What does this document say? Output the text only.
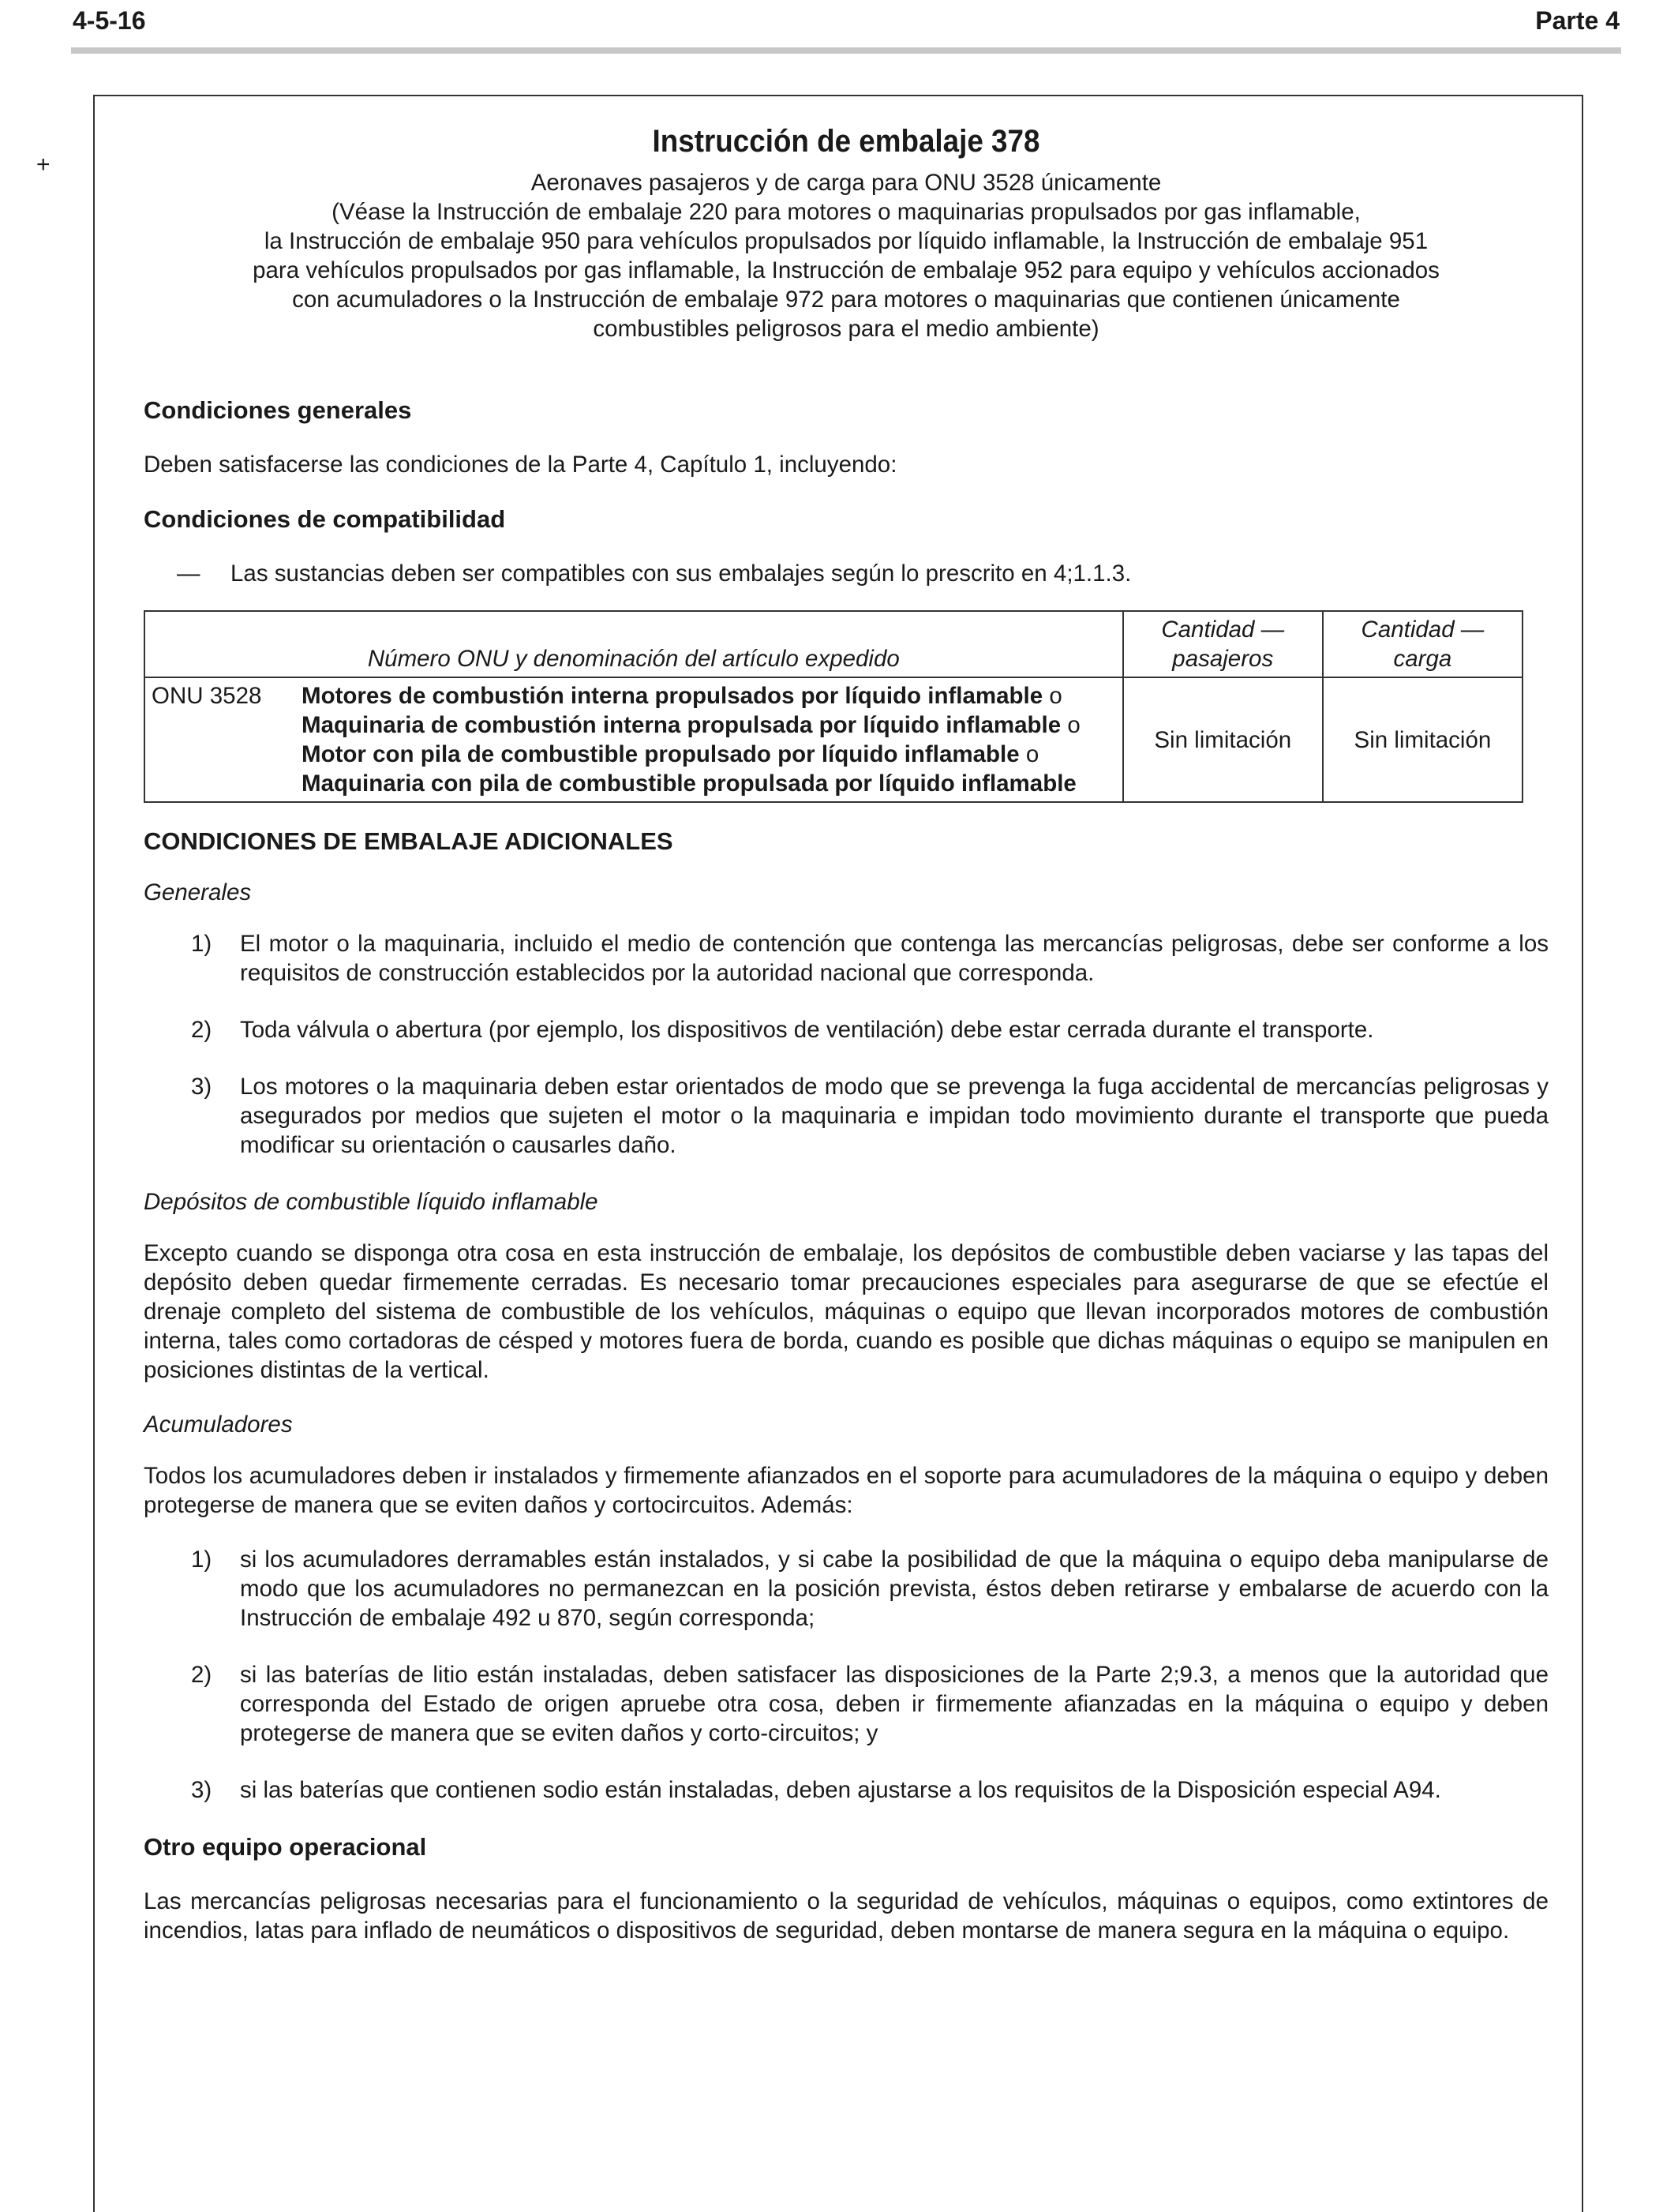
4-5-16	Parte 4
+
Instrucción de embalaje 378
Aeronaves pasajeros y de carga para ONU 3528 únicamente
(Véase la Instrucción de embalaje 220 para motores o maquinarias propulsados por gas inflamable,
la Instrucción de embalaje 950 para vehículos propulsados por líquido inflamable, la Instrucción de embalaje 951
para vehículos propulsados por gas inflamable, la Instrucción de embalaje 952 para equipo y vehículos accionados
con acumuladores o la Instrucción de embalaje 972 para motores o maquinarias que contienen únicamente
combustibles peligrosos para el medio ambiente)
Condiciones generales

Deben satisfacerse las condiciones de la Parte 4, Capítulo 1, incluyendo:

Condiciones de compatibilidad
— Las sustancias deben ser compatibles con sus embalajes según lo prescrito en 4;1.1.3.
Número ONU y denominación del artículo expedido	Cantidad — pasajeros	Cantidad — carga

ONU 3528 Motores de combustión interna propulsados por líquido inflamable o Maquinaria de combustión interna propulsada por líquido inflamable o Motor con pila de combustible propulsado por líquido inflamable o Maquinaria con pila de combustible propulsada por líquido inflamable	Sin limitación	Sin limitación
CONDICIONES DE EMBALAJE ADICIONALES
Generales
1) El motor o la maquinaria, incluido el medio de contención que contenga las mercancías peligrosas, debe ser conforme a los requisitos de construcción establecidos por la autoridad nacional que corresponda.
2) Toda válvula o abertura (por ejemplo, los dispositivos de ventilación) debe estar cerrada durante el transporte.
3) Los motores o la maquinaria deben estar orientados de modo que se prevenga la fuga accidental de mercancías peligrosas y asegurados por medios que sujeten el motor o la maquinaria e impidan todo movimiento durante el transporte que pueda modificar su orientación o causarles daño.
Depósitos de combustible líquido inflamable

Excepto cuando se disponga otra cosa en esta instrucción de embalaje, los depósitos de combustible deben vaciarse y las tapas del depósito deben quedar firmemente cerradas. Es necesario tomar precauciones especiales para asegurarse de que se efectúe el drenaje completo del sistema de combustible de los vehículos, máquinas o equipo que llevan incorporados motores de combustión interna, tales como cortadoras de césped y motores fuera de borda, cuando es posible que dichas máquinas o equipo se manipulen en posiciones distintas de la vertical.

Acumuladores

Todos los acumuladores deben ir instalados y firmemente afianzados en el soporte para acumuladores de la máquina o equipo y deben protegerse de manera que se eviten daños y cortocircuitos. Además:

1) si los acumuladores derramables están instalados, y si cabe la posibilidad de que la máquina o equipo deba manipularse de modo que los acumuladores no permanezcan en la posición prevista, éstos deben retirarse y embalarse de acuerdo con la Instrucción de embalaje 492 u 870, según corresponda;
2) si las baterías de litio están instaladas, deben satisfacer las disposiciones de la Parte 2;9.3, a menos que la autoridad que corresponda del Estado de origen apruebe otra cosa, deben ir firmemente afianzadas en la máquina o equipo y deben protegerse de manera que se eviten daños y corto-circuitos; y
3) si las baterías que contienen sodio están instaladas, deben ajustarse a los requisitos de la Disposición especial A94.
Otro equipo operacional

Las mercancías peligrosas necesarias para el funcionamiento o la seguridad de vehículos, máquinas o equipos, como extintores de incendios, latas para inflado de neumáticos o dispositivos de seguridad, deben montarse de manera segura en la máquina o equipo.
